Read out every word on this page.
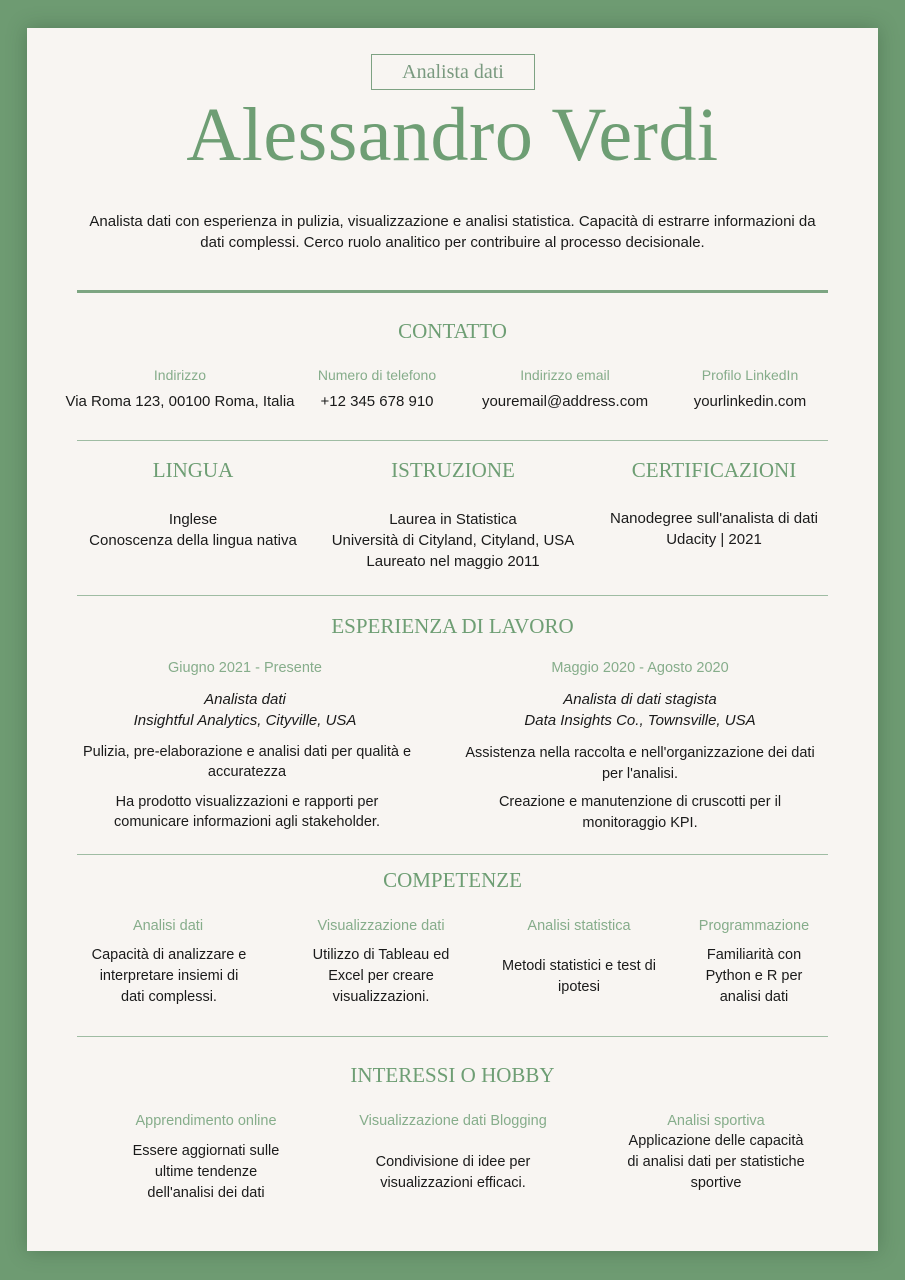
Analista dati
Alessandro Verdi
Analista dati con esperienza in pulizia, visualizzazione e analisi statistica. Capacità di estrarre informazioni da dati complessi. Cerco ruolo analitico per contribuire al processo decisionale.
CONTATTO
Indirizzo
Via Roma 123, 00100 Roma, Italia
Numero di telefono
+12 345 678 910
Indirizzo email
youremail@address.com
Profilo LinkedIn
yourlinkedin.com
LINGUA
Inglese
Conoscenza della lingua nativa
ISTRUZIONE
Laurea in Statistica
Università di Cityland, Cityland, USA
Laureato nel maggio 2011
CERTIFICAZIONI
Nanodegree sull'analista di dati
Udacity | 2021
ESPERIENZA DI LAVORO
Giugno 2021 - Presente
Analista dati
Insightful Analytics, Cityville, USA
Pulizia, pre-elaborazione e analisi dati per qualità e accuratezza
Ha prodotto visualizzazioni e rapporti per comunicare informazioni agli stakeholder.
Maggio 2020 - Agosto 2020
Analista di dati stagista
Data Insights Co., Townsville, USA
Assistenza nella raccolta e nell'organizzazione dei dati per l'analisi.
Creazione e manutenzione di cruscotti per il monitoraggio KPI.
COMPETENZE
Analisi dati
Capacità di analizzare e interpretare insiemi di dati complessi.
Visualizzazione dati
Utilizzo di Tableau ed Excel per creare visualizzazioni.
Analisi statistica
Metodi statistici e test di ipotesi
Programmazione
Familiarità con Python e R per analisi dati
INTERESSI O HOBBY
Apprendimento online
Essere aggiornati sulle ultime tendenze dell'analisi dei dati
Visualizzazione dati Blogging
Condivisione di idee per visualizzazioni efficaci.
Analisi sportiva
Applicazione delle capacità di analisi dati per statistiche sportive
